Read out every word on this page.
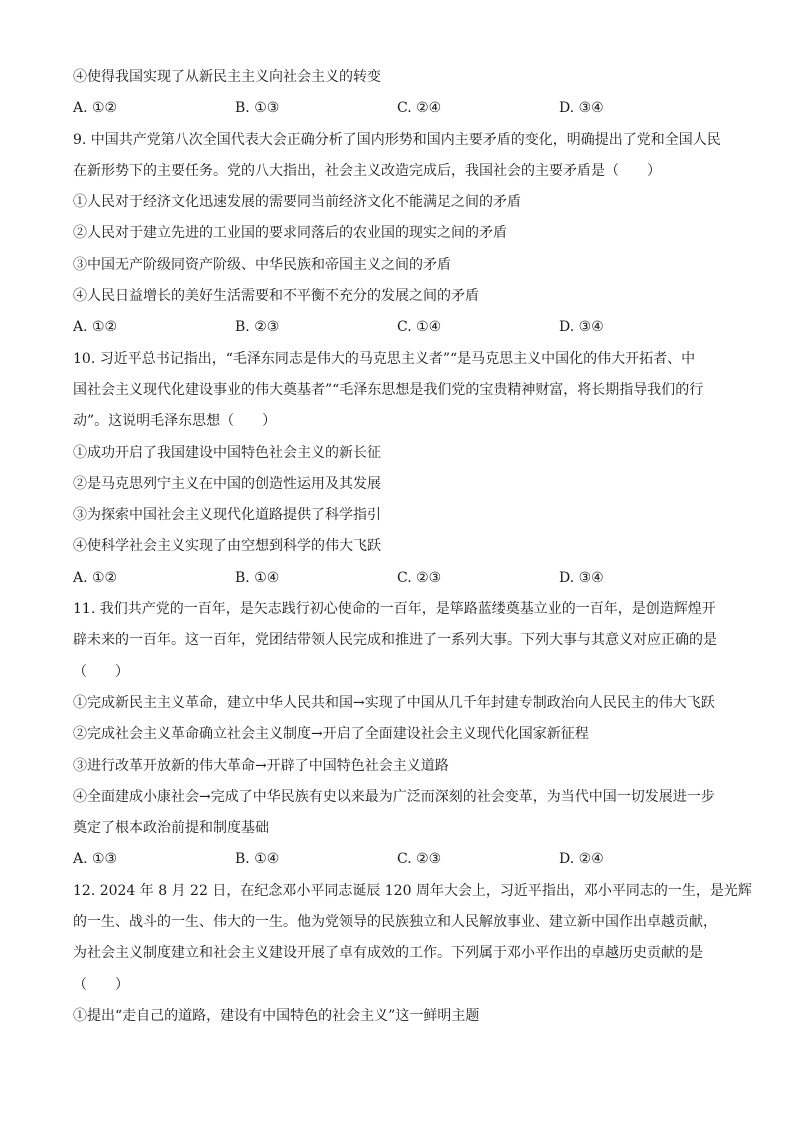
④使得我国实现了从新民主主义向社会主义的转变
A. ①②	B. ①③	C. ②④	D. ③④
9. 中国共产党第八次全国代表大会正确分析了国内形势和国内主要矛盾的变化，明确提出了党和全国人民
在新形势下的主要任务。党的八大指出，社会主义改造完成后，我国社会的主要矛盾是（　　）
①人民对于经济文化迅速发展的需要同当前经济文化不能满足之间的矛盾
②人民对于建立先进的工业国的要求同落后的农业国的现实之间的矛盾
③中国无产阶级同资产阶级、中华民族和帝国主义之间的矛盾
④人民日益增长的美好生活需要和不平衡不充分的发展之间的矛盾
A. ①②	B. ②③	C. ①④	D. ③④
10. 习近平总书记指出，“毛泽东同志是伟大的马克思主义者”“是马克思主义中国化的伟大开拓者、中
国社会主义现代化建设事业的伟大奠基者”“毛泽东思想是我们党的宝贵精神财富，将长期指导我们的行
动”。这说明毛泽东思想（　　）
①成功开启了我国建设中国特色社会主义的新长征
②是马克思列宁主义在中国的创造性运用及其发展
③为探索中国社会主义现代化道路提供了科学指引
④使科学社会主义实现了由空想到科学的伟大飞跃
A. ①②	B. ①④	C. ②③	D. ③④
11. 我们共产党的一百年，是矢志践行初心使命的一百年，是筚路蓝缕奠基立业的一百年，是创造辉煌开
辟未来的一百年。这一百年，党团结带领人民完成和推进了一系列大事。下列大事与其意义对应正确的是
（　　）
①完成新民主主义革命，建立中华人民共和国→实现了中国从几千年封建专制政治向人民民主的伟大飞跃
②完成社会主义革命确立社会主义制度→开启了全面建设社会主义现代化国家新征程
③进行改革开放新的伟大革命→开辟了中国特色社会主义道路
④全面建成小康社会→完成了中华民族有史以来最为广泛而深刻的社会变革，为当代中国一切发展进一步
奠定了根本政治前提和制度基础
A. ①③	B. ①④	C. ②③	D. ②④
12. 2024 年 8 月 22 日，在纪念邓小平同志诞辰 120 周年大会上，习近平指出，邓小平同志的一生，是光辉
的一生、战斗的一生、伟大的一生。他为党领导的民族独立和人民解放事业、建立新中国作出卓越贡献，
为社会主义制度建立和社会主义建设开展了卓有成效的工作。下列属于邓小平作出的卓越历史贡献的是
（　　）
①提出“走自己的道路，建设有中国特色的社会主义”这一鲜明主题
